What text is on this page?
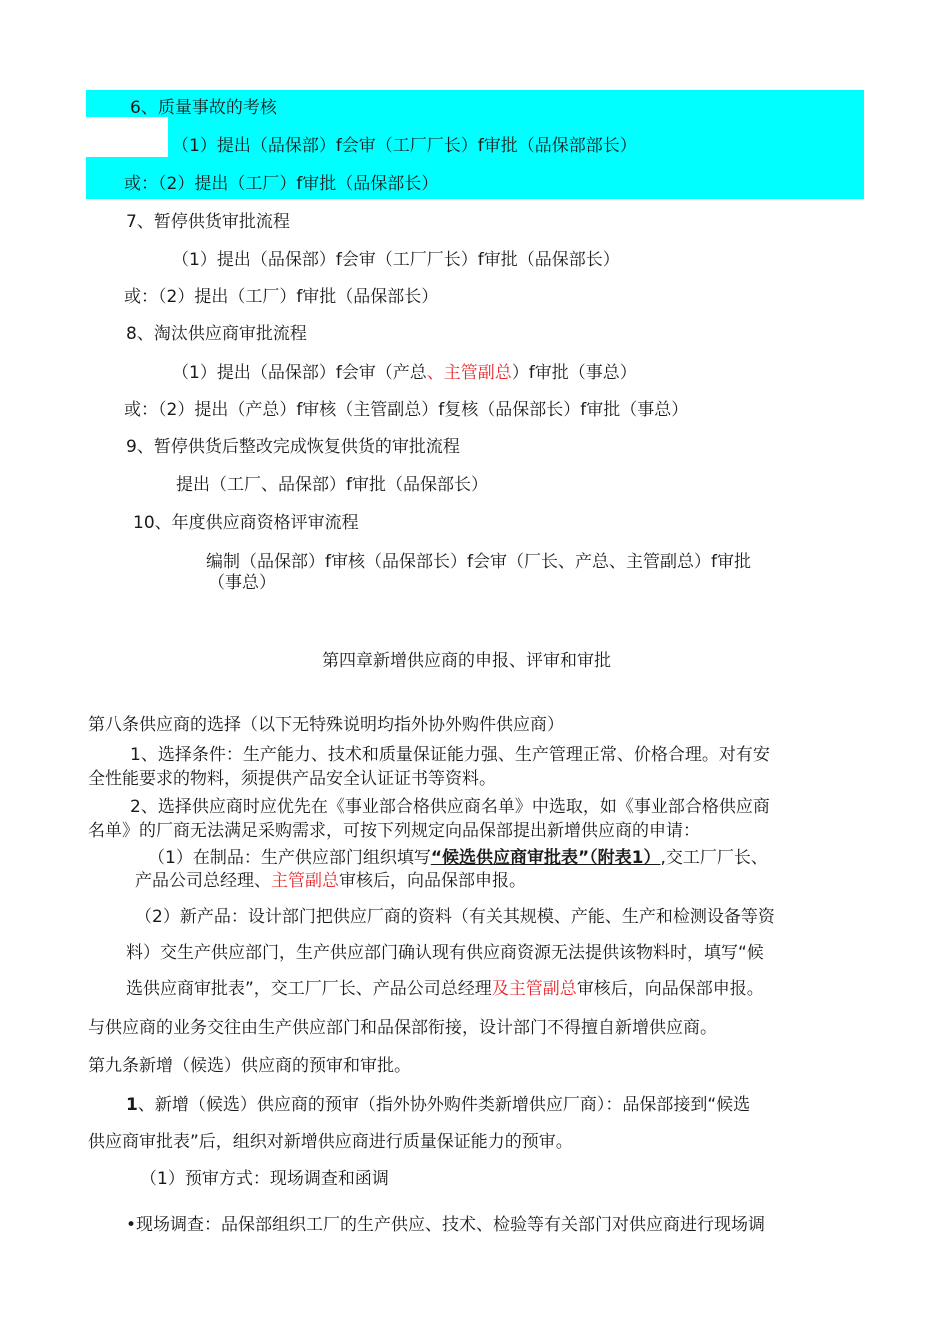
6、质量事故的考核
（1）提出（品保部）f会审（工厂厂长）f审批（品保部部长）
或：（2）提出（工厂）f审批（品保部长）
7、暂停供货审批流程
（1）提出（品保部）f会审（工厂厂长）f审批（品保部长）
或：（2）提出（工厂）f审批（品保部长）
8、淘汰供应商审批流程
（1）提出（品保部）f会审（产总、主管副总）f审批（事总）
或：（2）提出（产总）f审核（主管副总）f复核（品保部长）f审批（事总）
9、暂停供货后整改完成恢复供货的审批流程
提出（工厂、品保部）f审批（品保部长）
10、年度供应商资格评审流程
编制（品保部）f审核（品保部长）f会审（厂长、产总、主管副总）f审批
（事总）
第四章新增供应商的申报、评审和审批
第八条供应商的选择（以下无特殊说明均指外协外购件供应商）
1、选择条件：生产能力、技术和质量保证能力强、生产管理正常、价格合理。对有安
全性能要求的物料，须提供产品安全认证证书等资料。
2、选择供应商时应优先在《事业部合格供应商名单》中选取，如《事业部合格供应商
名单》的厂商无法满足采购需求，可按下列规定向品保部提出新增供应商的申请：
（1）在制品：生产供应部门组织填写“候选供应商审批表”（附表1）,交工厂厂长、
产品公司总经理、主管副总审核后，向品保部申报。
（2）新产品：设计部门把供应厂商的资料（有关其规模、产能、生产和检测设备等资
料）交生产供应部门，生产供应部门确认现有供应商资源无法提供该物料时，填写“候
选供应商审批表”，交工厂厂长、产品公司总经理及主管副总审核后，向品保部申报。
与供应商的业务交往由生产供应部门和品保部衔接，设计部门不得擅自新增供应商。
第九条新增（候选）供应商的预审和审批。
1、新增（候选）供应商的预审（指外协外购件类新增供应厂商）：品保部接到“候选
供应商审批表”后，组织对新增供应商进行质量保证能力的预审。
（1）预审方式：现场调查和函调
•现场调查：品保部组织工厂的生产供应、技术、检验等有关部门对供应商进行现场调
